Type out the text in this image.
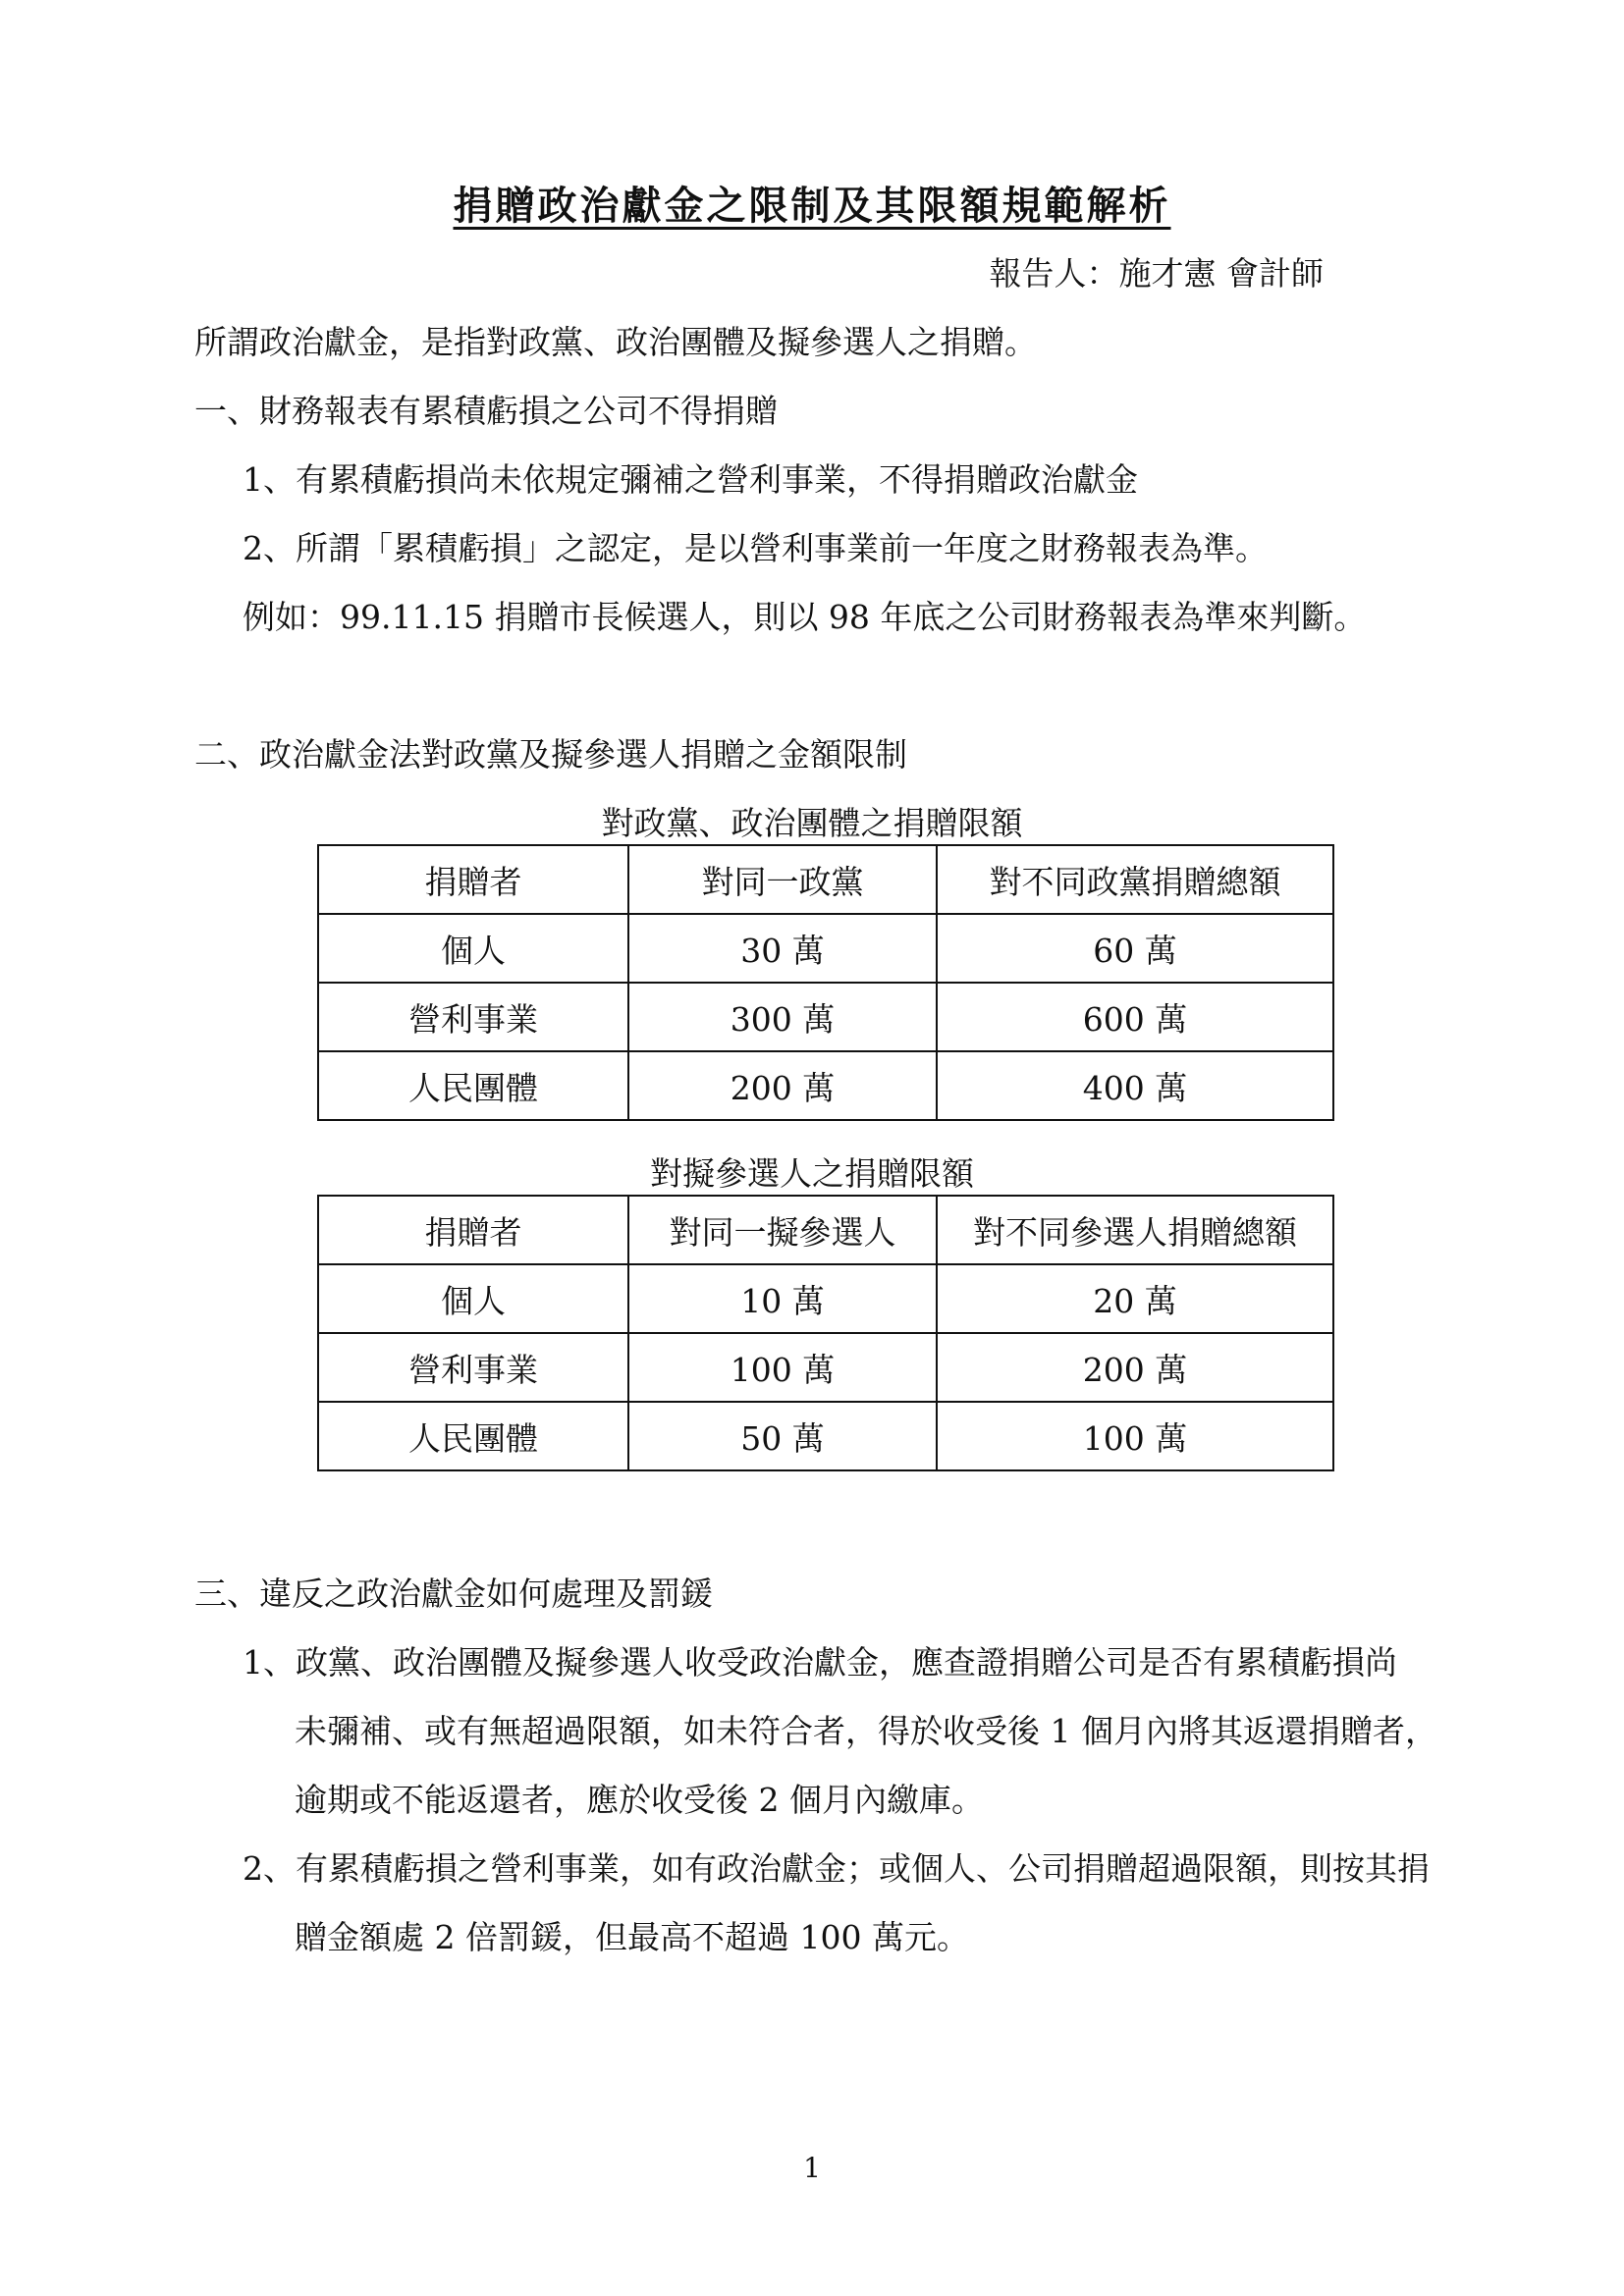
捐贈政治獻金之限制及其限額規範解析
報告人：施才憲 會計師
所謂政治獻金，是指對政黨、政治團體及擬參選人之捐贈。
一、財務報表有累積虧損之公司不得捐贈
1、有累積虧損尚未依規定彌補之營利事業，不得捐贈政治獻金
2、所謂「累積虧損」之認定，是以營利事業前一年度之財務報表為準。
例如：99.11.15 捐贈市長候選人，則以 98 年底之公司財務報表為準來判斷。
二、政治獻金法對政黨及擬參選人捐贈之金額限制
對政黨、政治團體之捐贈限額
捐贈者	對同一政黨	對不同政黨捐贈總額
個人	30 萬	60 萬
營利事業	300 萬	600 萬
人民團體	200 萬	400 萬
對擬參選人之捐贈限額
捐贈者	對同一擬參選人	對不同參選人捐贈總額
個人	10 萬	20 萬
營利事業	100 萬	200 萬
人民團體	50 萬	100 萬
三、違反之政治獻金如何處理及罰鍰
1、政黨、政治團體及擬參選人收受政治獻金，應查證捐贈公司是否有累積虧損尚
未彌補、或有無超過限額，如未符合者，得於收受後 1 個月內將其返還捐贈者，
逾期或不能返還者，應於收受後 2 個月內繳庫。
2、有累積虧損之營利事業，如有政治獻金；或個人、公司捐贈超過限額，則按其捐
贈金額處 2 倍罰鍰，但最高不超過 100 萬元。
1
